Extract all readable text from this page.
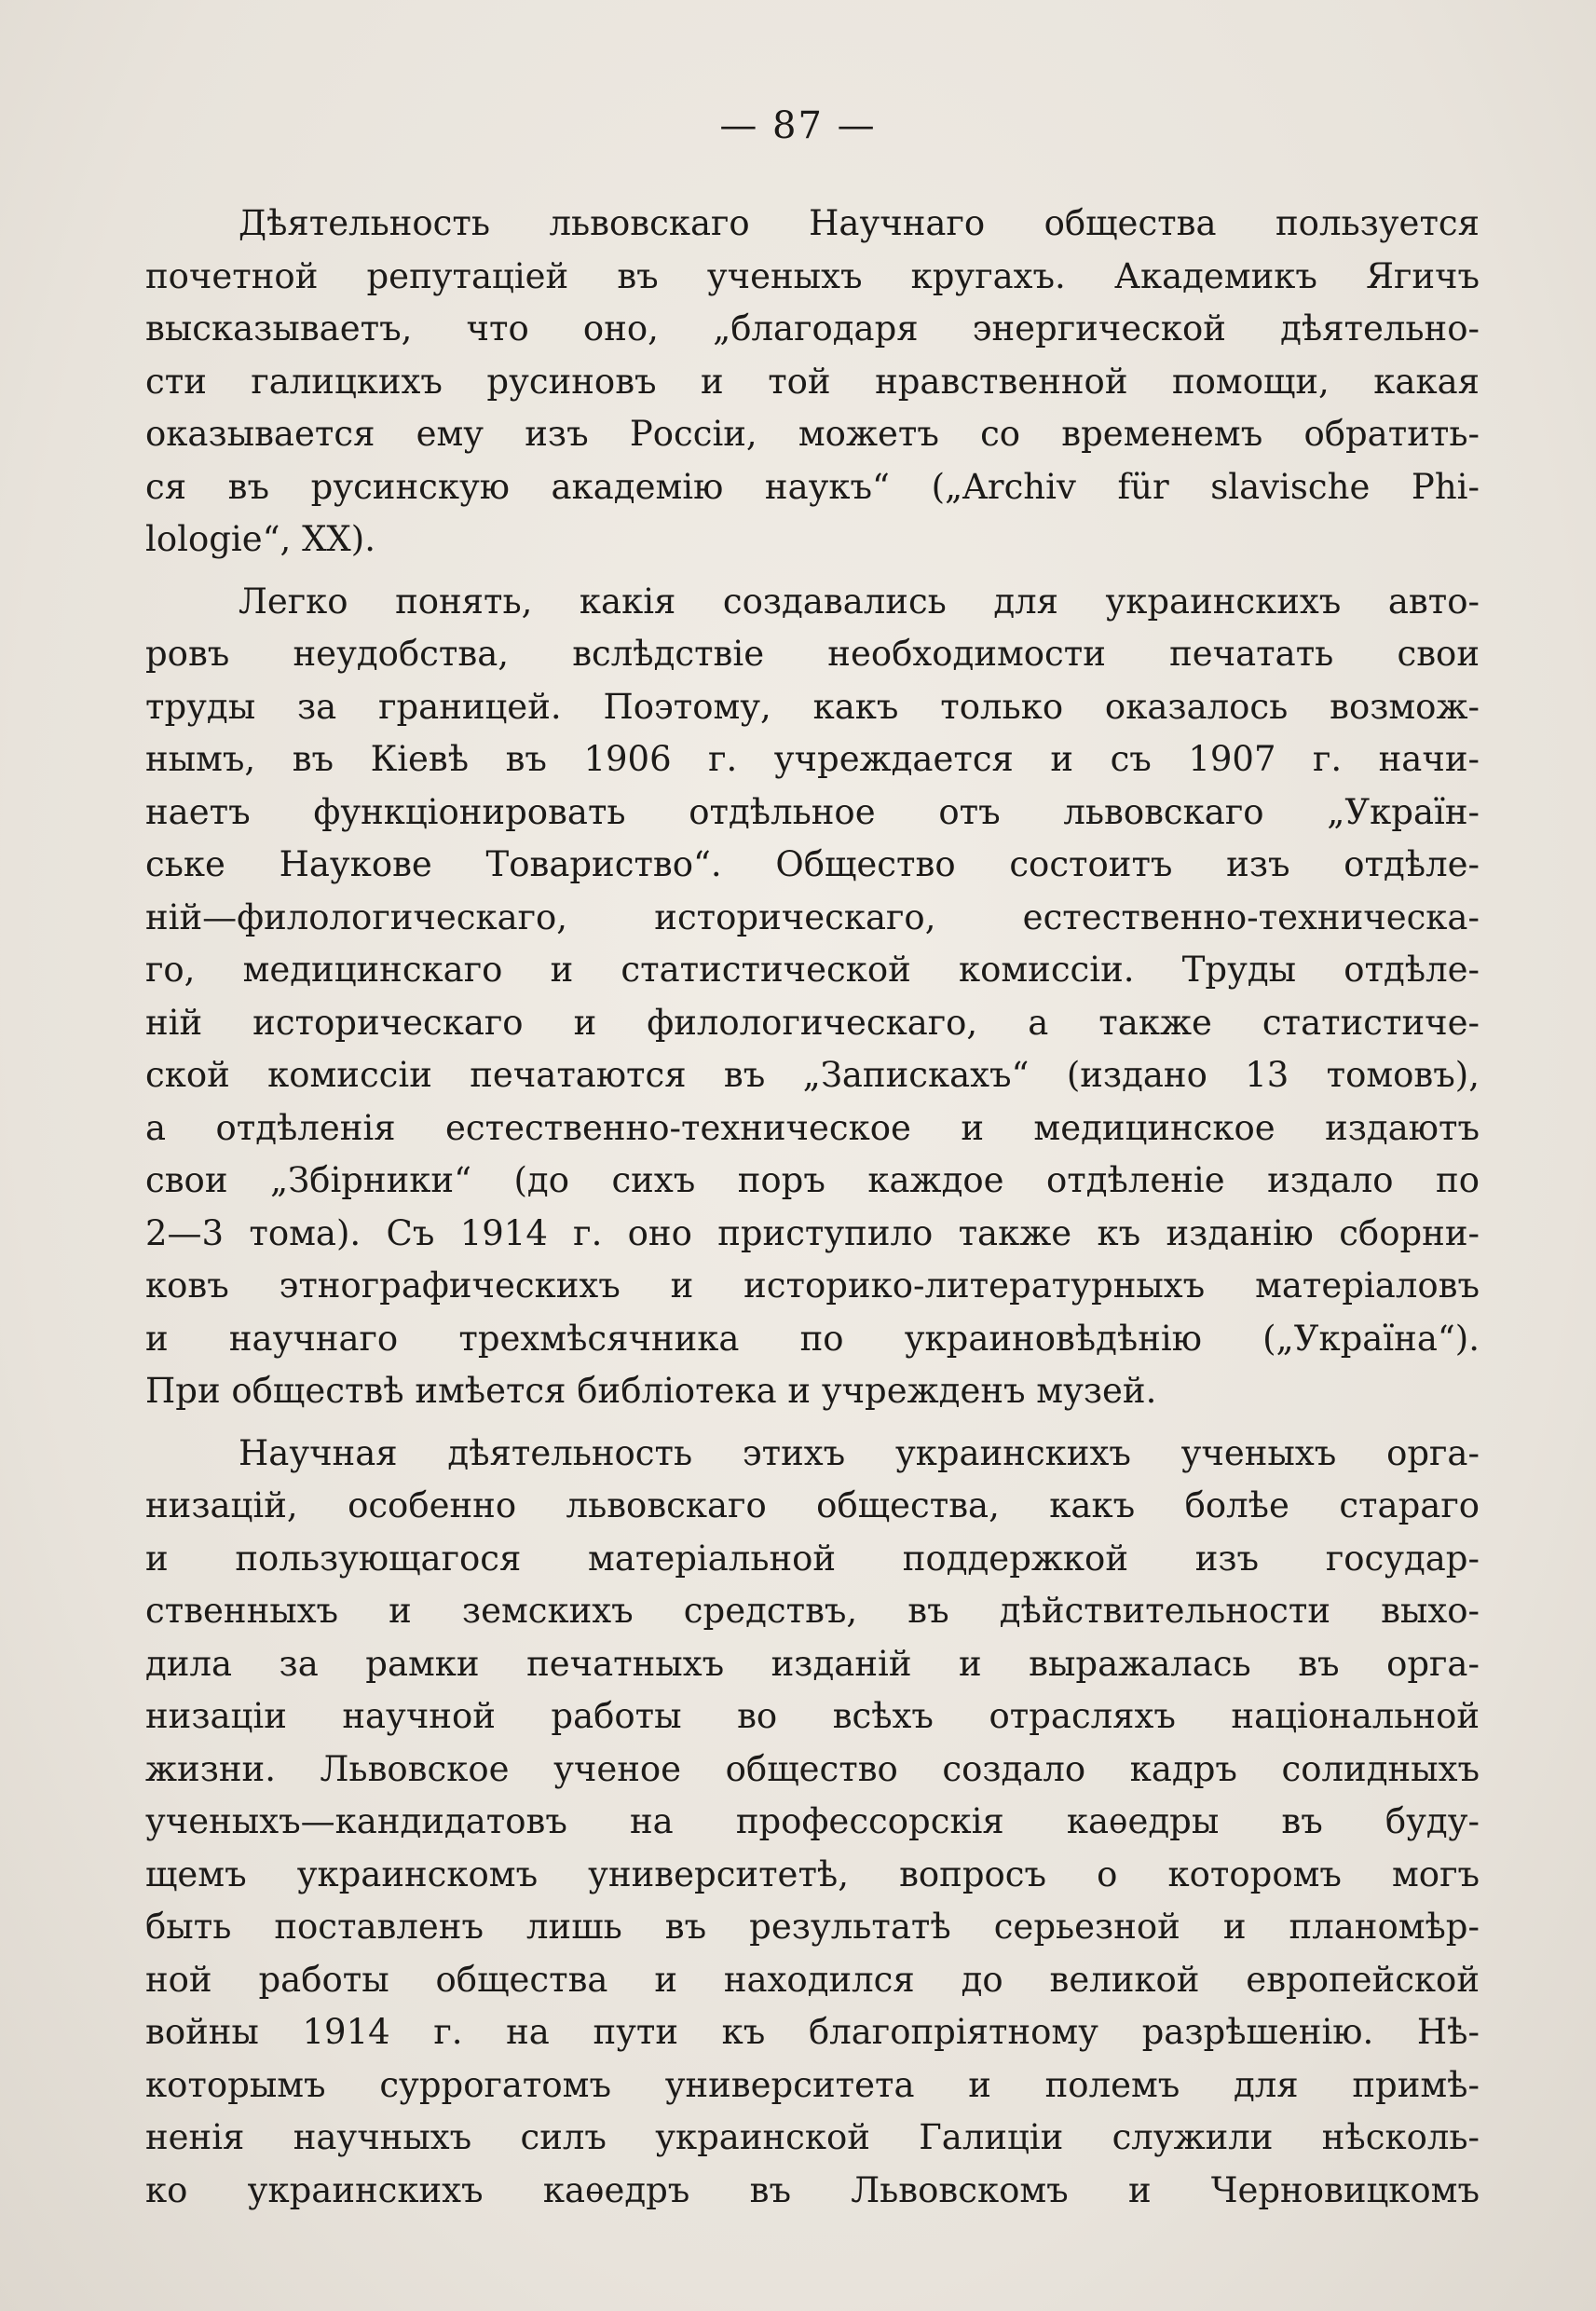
— 87 —
Дѣятельность львовскаго Научнаго общества пользуется
почетной репутацiей въ ученыхъ кругахъ. Академикъ Ягичъ
высказываетъ, что оно, „благодаря энергической дѣятельно-
сти галицкихъ русиновъ и той нравственной помощи, какая
оказывается ему изъ Россiи, можетъ со временемъ обратить-
ся въ русинскую академiю наукъ“ („Archiv für slavische Phi-
lologie“, XX).
Легко понять, какiя создавались для украинскихъ авто-
ровъ неудобства, вслѣдствiе необходимости печатать свои
труды за границей. Поэтому, какъ только оказалось возмож-
нымъ, въ Кiевѣ въ 1906 г. учреждается и съ 1907 г. начи-
наетъ функцiонировать отдѣльное отъ львовскаго „Україн-
ське Наукове Товариство“. Общество состоитъ изъ отдѣле-
нiй—филологическаго, историческаго, естественно-техническа-
го, медицинскаго и статистической комиссiи. Труды отдѣле-
нiй историческаго и филологическаго, а также статистиче-
ской комиссiи печатаются въ „Запискахъ“ (издано 13 томовъ),
а отдѣленiя естественно-техническое и медицинское издаютъ
свои „Збiрники“ (до сихъ поръ каждое отдѣленiе издало по
2—3 тома). Съ 1914 г. оно приступило также къ изданiю сборни-
ковъ этнографическихъ и историко-литературныхъ матерiаловъ
и научнаго трехмѣсячника по украиновѣдѣнiю („Україна“).
При обществѣ имѣется библiотека и учрежденъ музей.
Научная дѣятельность этихъ украинскихъ ученыхъ орга-
низацiй, особенно львовскаго общества, какъ болѣе стараго
и пользующагося матерiальной поддержкой изъ государ-
ственныхъ и земскихъ средствъ, въ дѣйствительности выхо-
дила за рамки печатныхъ изданiй и выражалась въ орга-
низацiи научной работы во всѣхъ отрасляхъ нацiональной
жизни. Львовское ученое общество создало кадръ солидныхъ
ученыхъ—кандидатовъ на профессорскiя каѳедры въ буду-
щемъ украинскомъ университетѣ, вопросъ о которомъ могъ
быть поставленъ лишь въ результатѣ серьезной и планомѣр-
ной работы общества и находился до великой европейской
войны 1914 г. на пути къ благопрiятному разрѣшенiю. Нѣ-
которымъ суррогатомъ университета и полемъ для примѣ-
ненiя научныхъ силъ украинской Галицiи служили нѣсколь-
ко украинскихъ каѳедръ въ Львовскомъ и Черновицкомъ
